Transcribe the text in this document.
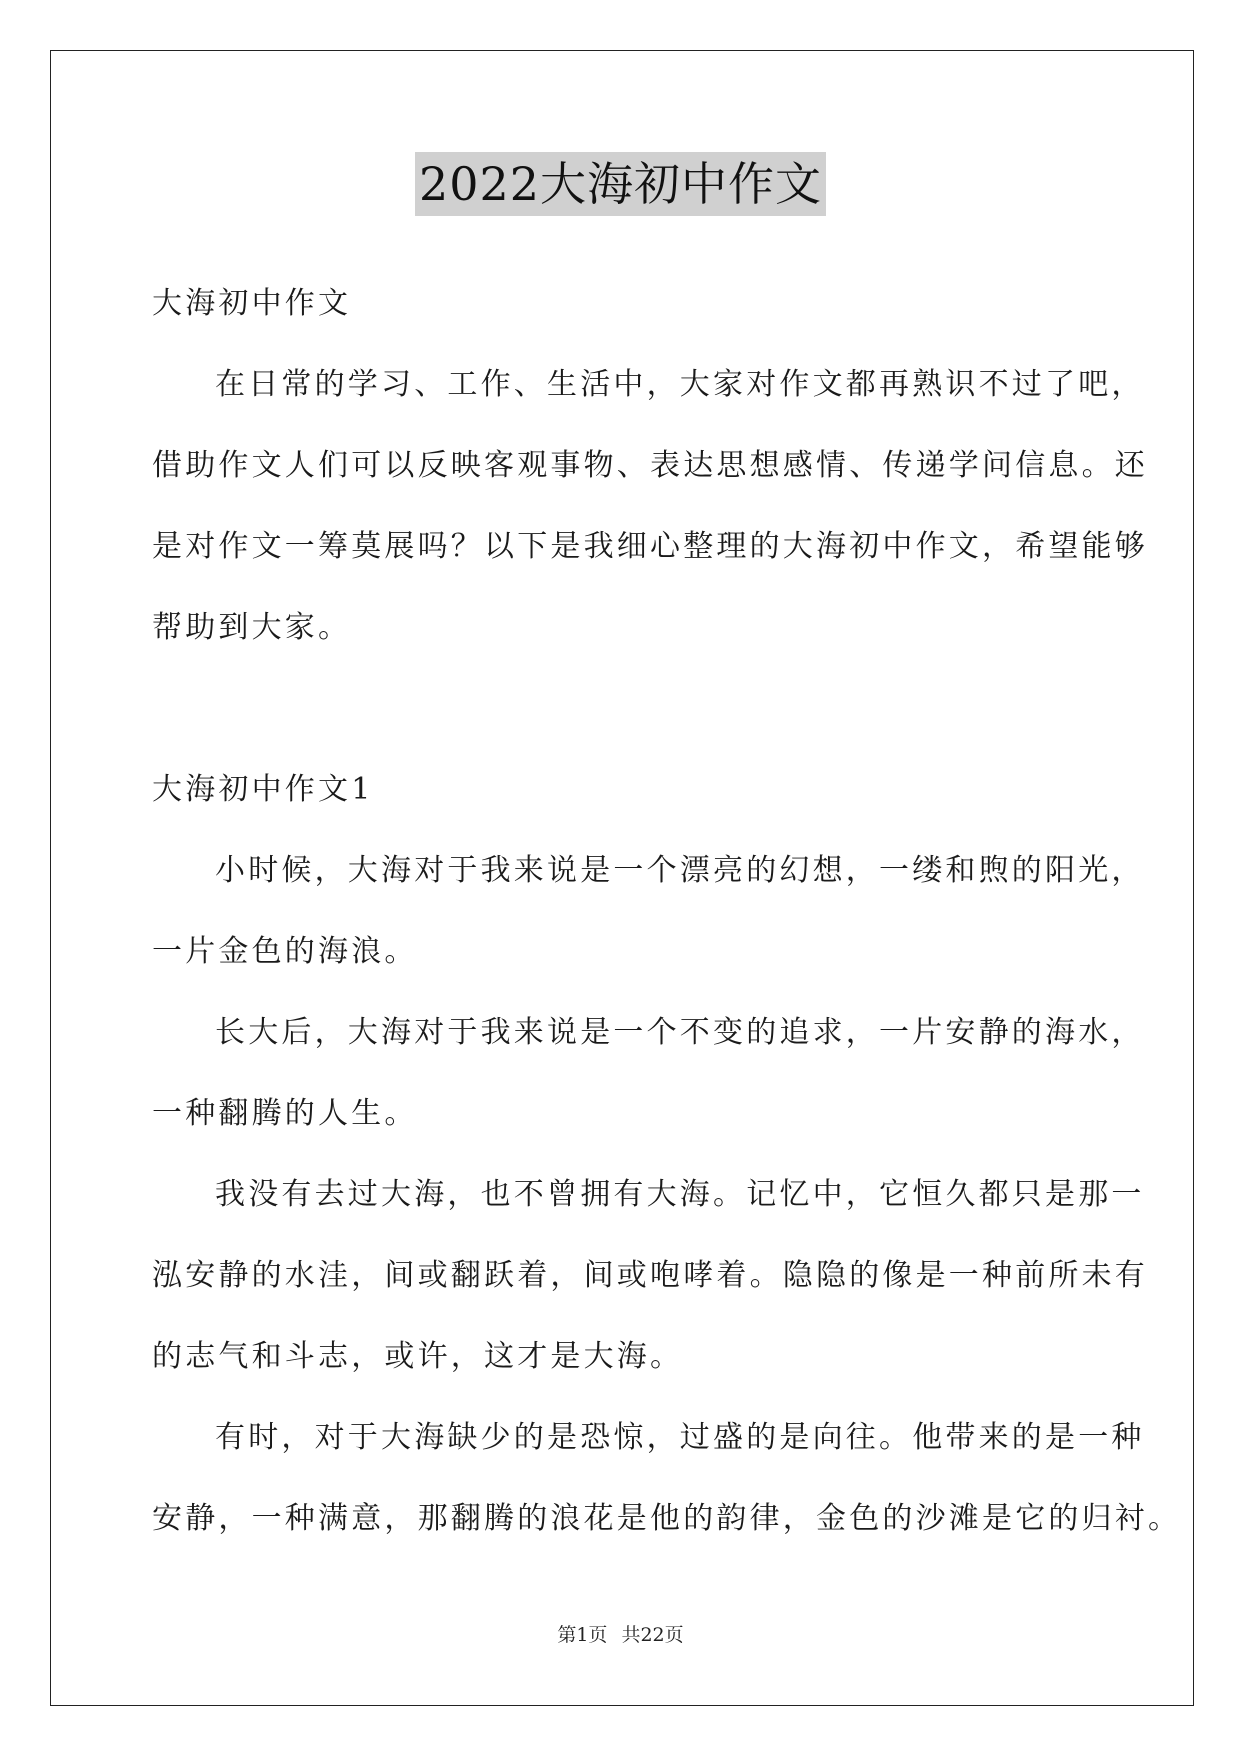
2022大海初中作文
大海初中作文
在日常的学习、工作、生活中，大家对作文都再熟识不过了吧，
借助作文人们可以反映客观事物、表达思想感情、传递学问信息。还
是对作文一筹莫展吗？以下是我细心整理的大海初中作文，希望能够
帮助到大家。
大海初中作文1
小时候，大海对于我来说是一个漂亮的幻想，一缕和煦的阳光，
一片金色的海浪。
长大后，大海对于我来说是一个不变的追求，一片安静的海水，
一种翻腾的人生。
我没有去过大海，也不曾拥有大海。记忆中，它恒久都只是那一
泓安静的水洼，间或翻跃着，间或咆哮着。隐隐的像是一种前所未有
的志气和斗志，或许，这才是大海。
有时，对于大海缺少的是恐惊，过盛的是向往。他带来的是一种
安静，一种满意，那翻腾的浪花是他的韵律，金色的沙滩是它的归衬。
第1页 共22页
